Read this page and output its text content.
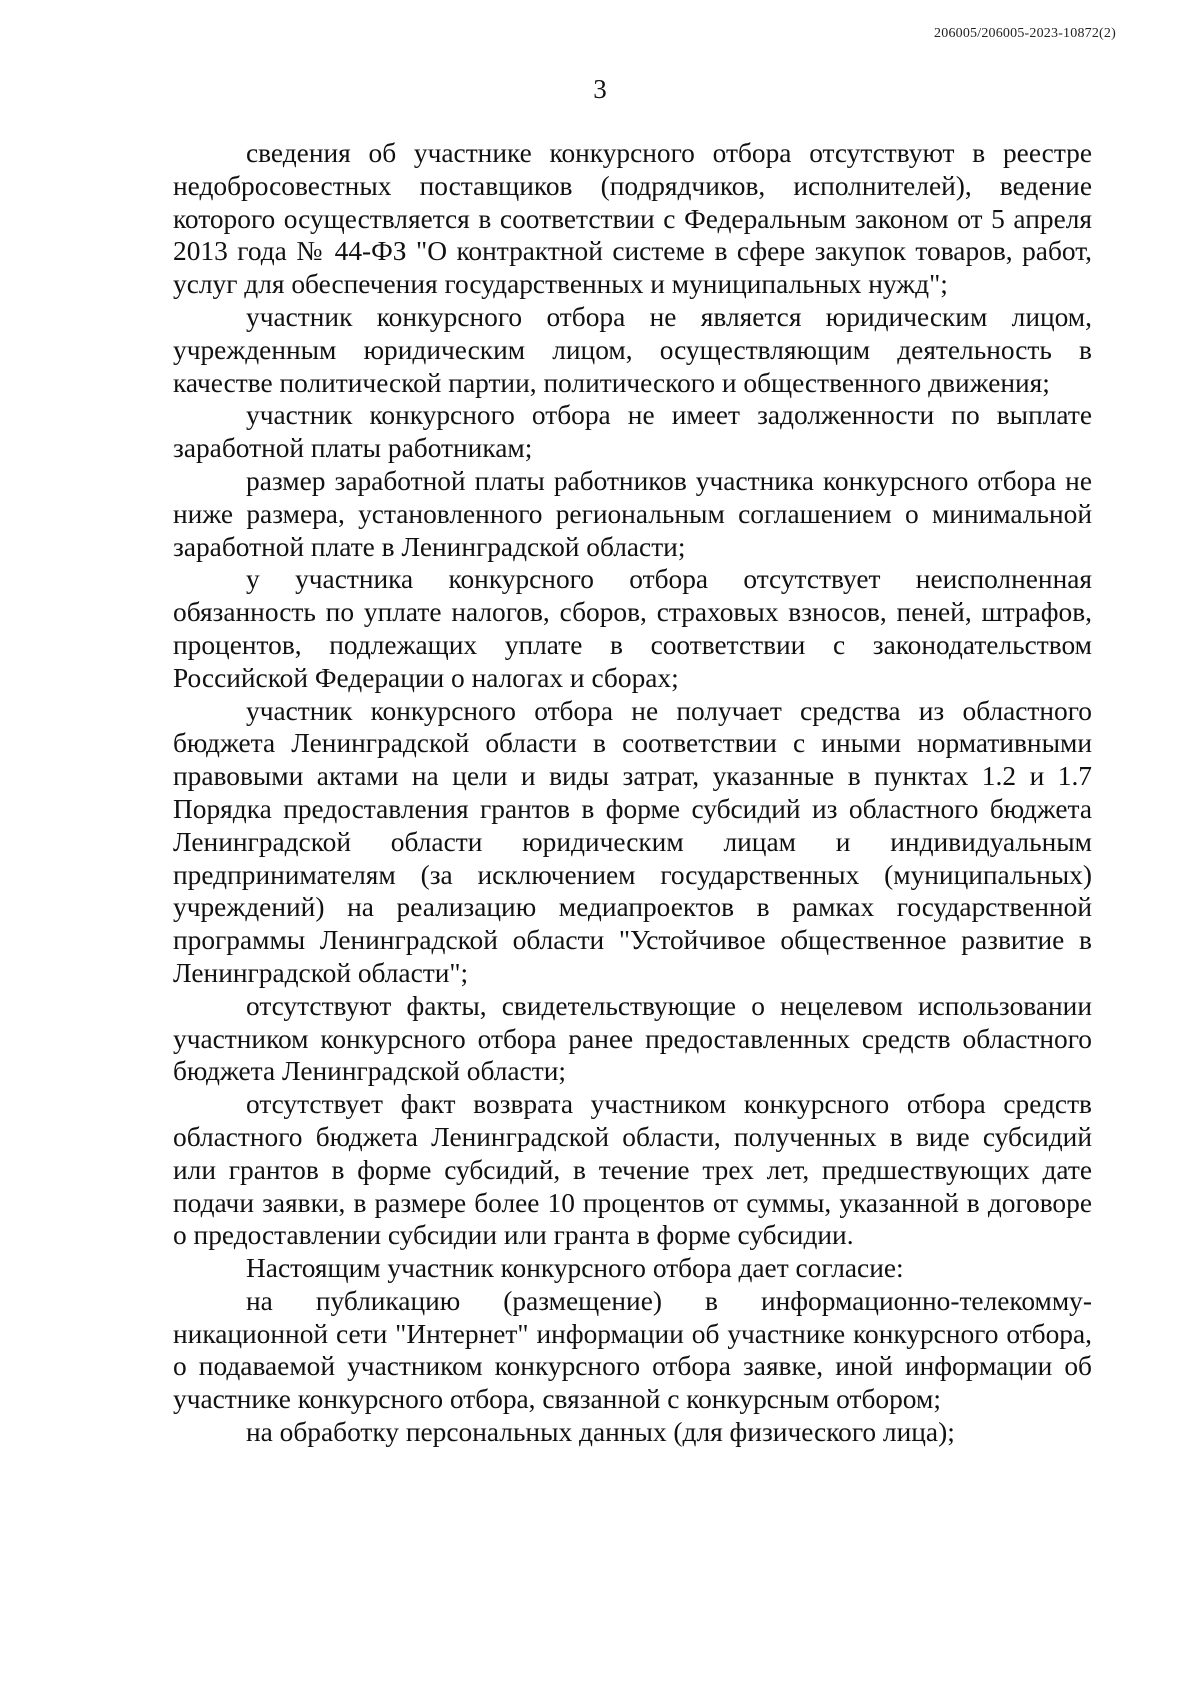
206005/206005-2023-10872(2)
3

сведения об участнике конкурсного отбора отсутствуют в реестре недобросовестных поставщиков (подрядчиков, исполнителей), ведение которого осуществляется в соответствии с Федеральным законом от 5 апреля 2013 года № 44-ФЗ "О контрактной системе в сфере закупок товаров, работ, услуг для обеспечения государственных и муниципальных нужд";

участник конкурсного отбора не является юридическим лицом, учрежденным юридическим лицом, осуществляющим деятельность в качестве политической партии, политического и общественного движения;

участник конкурсного отбора не имеет задолженности по выплате заработной платы работникам;

размер заработной платы работников участника конкурсного отбора не ниже размера, установленного региональным соглашением о минимальной заработной плате в Ленинградской области;

у участника конкурсного отбора отсутствует неисполненная обязанность по уплате налогов, сборов, страховых взносов, пеней, штрафов, процентов, подлежащих уплате в соответствии с законодательством Российской Федерации о налогах и сборах;

участник конкурсного отбора не получает средства из областного бюджета Ленинградской области в соответствии с иными нормативными правовыми актами на цели и виды затрат, указанные в пунктах 1.2 и 1.7 Порядка предоставления грантов в форме субсидий из областного бюджета Ленинградской области юридическим лицам и индивидуальным предпринимателям (за исключением государственных (муниципальных) учреждений) на реализацию медиапроектов в рамках государственной программы Ленинградской области "Устойчивое общественное развитие в Ленинградской области";

отсутствуют факты, свидетельствующие о нецелевом использовании участником конкурсного отбора ранее предоставленных средств областного бюджета Ленинградской области;

отсутствует факт возврата участником конкурсного отбора средств областного бюджета Ленинградской области, полученных в виде субсидий или грантов в форме субсидий, в течение трех лет, предшествующих дате подачи заявки, в размере более 10 процентов от суммы, указанной в договоре о предоставлении субсидии или гранта в форме субсидии.

Настоящим участник конкурсного отбора дает согласие:

на публикацию (размещение) в информационно-телекоммуникационной сети "Интернет" информации об участнике конкурсного отбора, о подаваемой участником конкурсного отбора заявке, иной информации об участнике конкурсного отбора, связанной с конкурсным отбором;

на обработку персональных данных (для физического лица);
